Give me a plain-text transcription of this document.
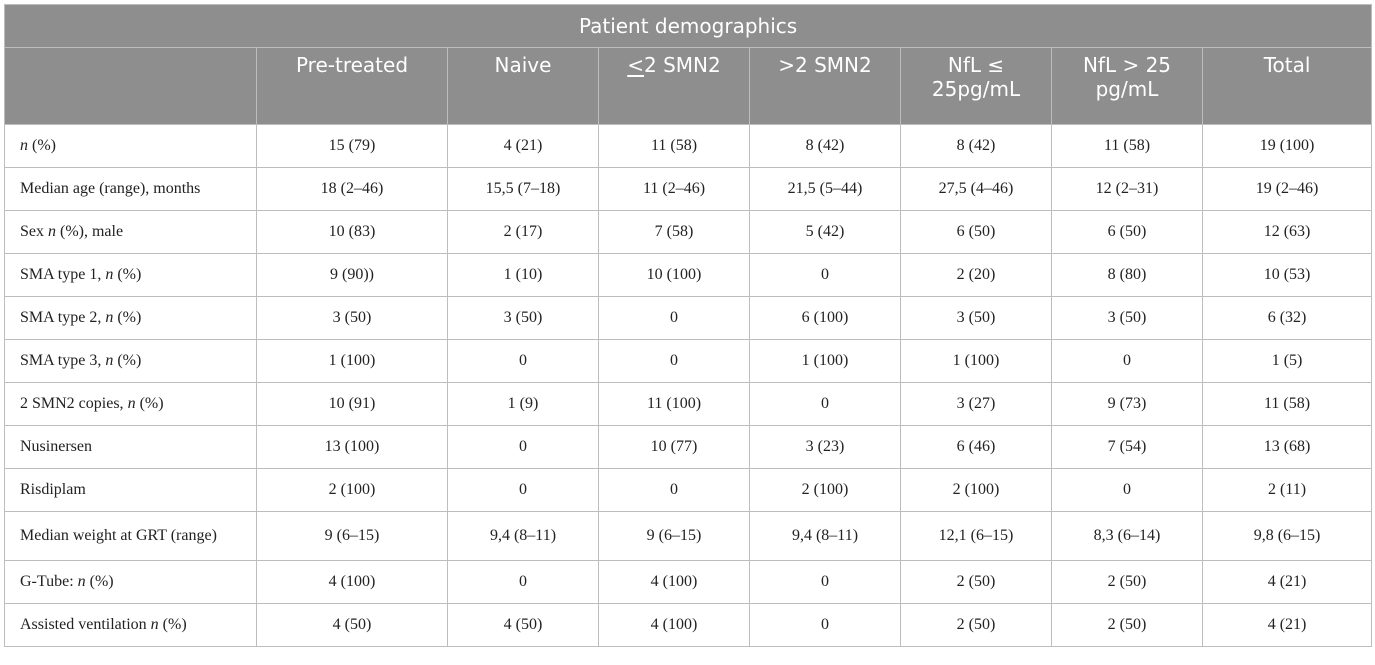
Patient demographics							
	Pre-treated	Naive	<2 SMN2	>2 SMN2	NfL ≤ 25pg/mL	NfL > 25 pg/mL	Total
n (%)	15 (79)	4 (21)	11 (58)	8 (42)	8 (42)	11 (58)	19 (100)
Median age (range), months	18 (2–46)	15,5 (7–18)	11 (2–46)	21,5 (5–44)	27,5 (4–46)	12 (2–31)	19 (2–46)
Sex n (%), male	10 (83)	2 (17)	7 (58)	5 (42)	6 (50)	6 (50)	12 (63)
SMA type 1, n (%)	9 (90))	1 (10)	10 (100)	0	2 (20)	8 (80)	10 (53)
SMA type 2, n (%)	3 (50)	3 (50)	0	6 (100)	3 (50)	3 (50)	6 (32)
SMA type 3, n (%)	1 (100)	0	0	1 (100)	1 (100)	0	1 (5)
2 SMN2 copies, n (%)	10 (91)	1 (9)	11 (100)	0	3 (27)	9 (73)	11 (58)
Nusinersen	13 (100)	0	10 (77)	3 (23)	6 (46)	7 (54)	13 (68)
Risdiplam	2 (100)	0	0	2 (100)	2 (100)	0	2 (11)
Median weight at GRT (range)	9 (6–15)	9,4 (8–11)	9 (6–15)	9,4 (8–11)	12,1 (6–15)	8,3 (6–14)	9,8 (6–15)
G-Tube: n (%)	4 (100)	0	4 (100)	0	2 (50)	2 (50)	4 (21)
Assisted ventilation n (%)	4 (50)	4 (50)	4 (100)	0	2 (50)	2 (50)	4 (21)
